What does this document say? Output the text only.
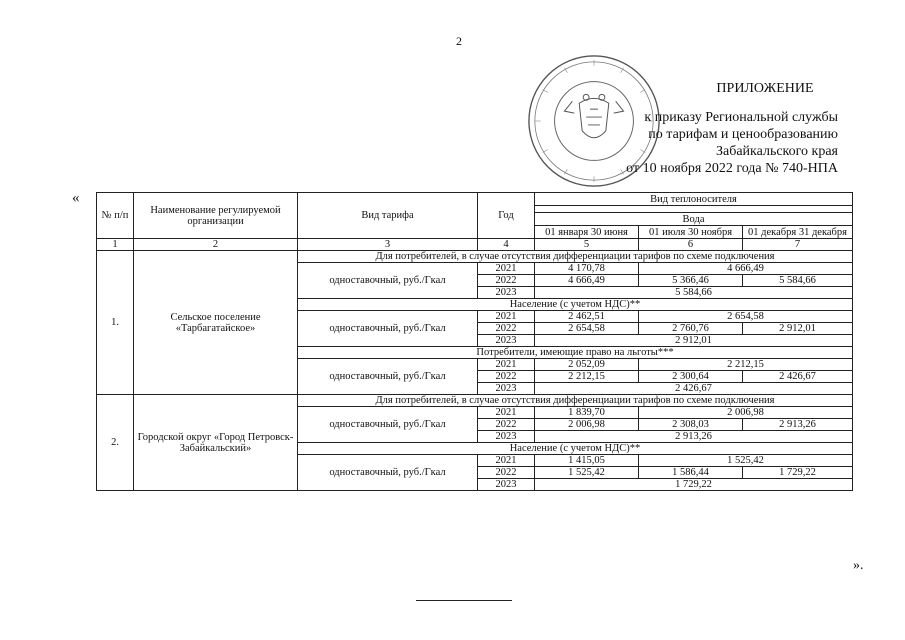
2
ПРИЛОЖЕНИЕ
к приказу Региональной службы
по тарифам и ценообразованию
Забайкальского края
от 10 ноября 2022 года № 740-НПА
«
№ п/п	Наименование регулируемой организации	Вид тарифа	Год	Вид теплоносителя		

				Вода		
				01 января 30 июня	01 июля 30 ноября	01 декабря 31 декабря
1	2	3	4	5	6	7
1.	Сельское поселение «Тарбагатайское»	Для потребителей, в случае отсутствия дифференциации тарифов по схеме подключения				
		одноставочный, руб./Гкал	2021	4 170,78	4 666,49	
			2022	4 666,49	5 366,46	5 584,66
			2023	5 584,66		
		Население (с учетом НДС)**				
		одноставочный, руб./Гкал	2021	2 462,51	2 654,58	
			2022	2 654,58	2 760,76	2 912,01
			2023	2 912,01		
		Потребители, имеющие право на льготы***				
		одноставочный, руб./Гкал	2021	2 052,09	2 212,15	
			2022	2 212,15	2 300,64	2 426,67
			2023	2 426,67		
2.	Городской округ «Город Петровск-Забайкальский»	Для потребителей, в случае отсутствия дифференциации тарифов по схеме подключения				
		одноставочный, руб./Гкал	2021	1 839,70	2 006,98	
			2022	2 006,98	2 308,03	2 913,26
			2023	2 913,26		
		Население (с учетом НДС)**				
		одноставочный, руб./Гкал	2021	1 415,05	1 525,42	
			2022	1 525,42	1 586,44	1 729,22
			2023	1 729,22		
».
